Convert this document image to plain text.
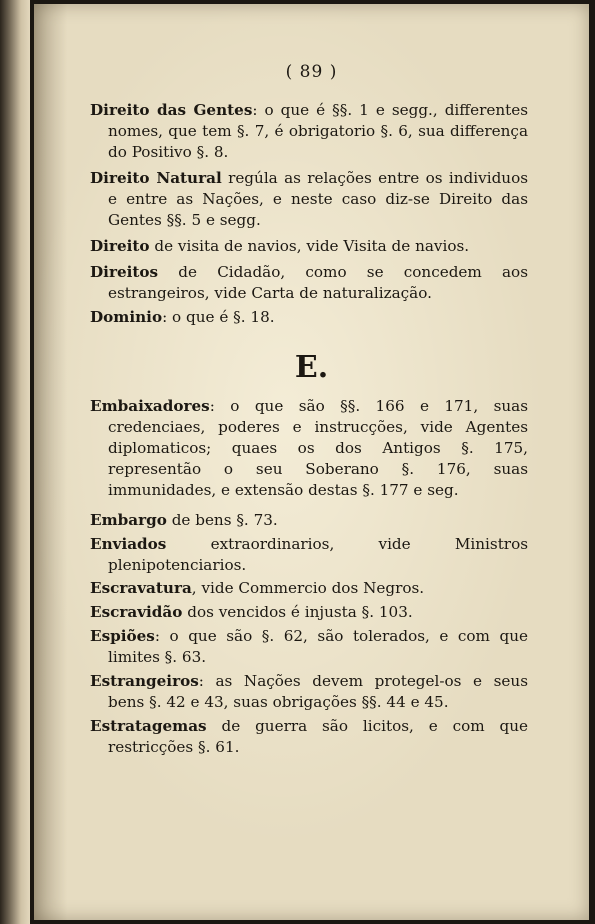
( 89 )

Direito das Gentes: o que é §§. 1 e segg., differentes nomes, que tem §. 7, é obrigatorio §. 6, sua differença do Positivo §. 8.

Direito Natural regúla as relações entre os individuos e entre as Nações, e neste caso diz-se Direito das Gentes §§. 5 e segg.

Direito de visita de navios, vide Visita de navios.

Direitos de Cidadão, como se concedem aos estrangeiros, vide Carta de naturalização.

Dominio: o que é §. 18.

E.

Embaixadores: o que são §§. 166 e 171, suas credenciaes, poderes e instrucções, vide Agentes diplomaticos; quaes os dos Antigos §. 175, representão o seu Soberano §. 176, suas immunidades, e extensão destas §. 177 e seg.

Embargo de bens §. 73.

Enviados	extraordinarios, vide Ministros plenipotenciarios.

Escravatura, vide Commercio dos Negros.

Escravidão dos vencidos é injusta §. 103.

Espiões: o que são §. 62, são tolerados, e com que limites §. 63.

Estrangeiros: as Nações devem protegel-os e seus bens §. 42 e 43, suas obrigações §§. 44 e 45.

Estratagemas de guerra são licitos, e com que restricções §. 61.
